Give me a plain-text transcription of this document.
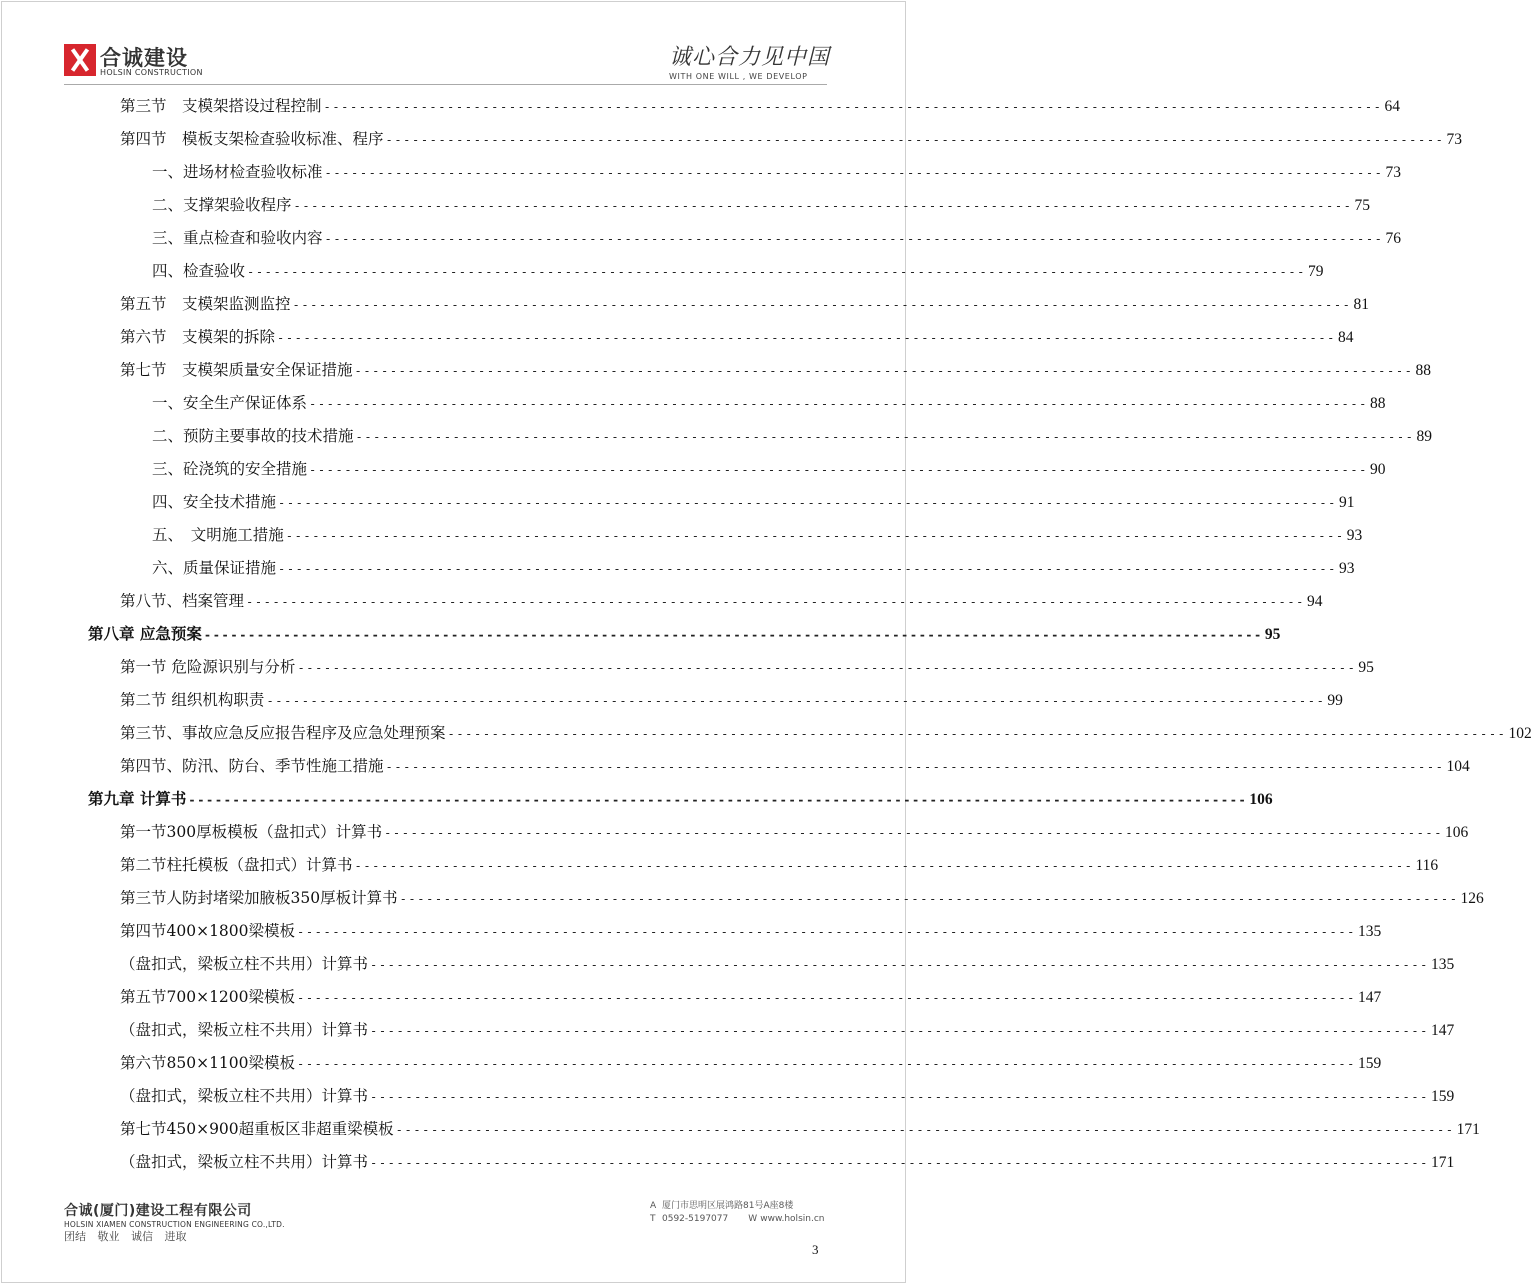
合诚建设
HOLSIN CONSTRUCTION
诚心合力见中国
WITH ONE WILL , WE DEVELOP
第三节　支模架搭设过程控制 ------------------------------------------------------------------------------------------------------------------------ 64
第四节　模板支架检查验收标准、程序 ------------------------------------------------------------------------------------------------------------------------ 73
一、进场材检查验收标准 ------------------------------------------------------------------------------------------------------------------------ 73
二、支撑架验收程序 ------------------------------------------------------------------------------------------------------------------------ 75
三、重点检查和验收内容 ------------------------------------------------------------------------------------------------------------------------ 76
四、检查验收 ------------------------------------------------------------------------------------------------------------------------ 79
第五节　支模架监测监控 ------------------------------------------------------------------------------------------------------------------------ 81
第六节　支模架的拆除 ------------------------------------------------------------------------------------------------------------------------ 84
第七节　支模架质量安全保证措施 ------------------------------------------------------------------------------------------------------------------------ 88
一、安全生产保证体系 ------------------------------------------------------------------------------------------------------------------------ 88
二、预防主要事故的技术措施 ------------------------------------------------------------------------------------------------------------------------ 89
三、砼浇筑的安全措施 ------------------------------------------------------------------------------------------------------------------------ 90
四、安全技术措施 ------------------------------------------------------------------------------------------------------------------------ 91
五、　文明施工措施 ------------------------------------------------------------------------------------------------------------------------ 93
六、质量保证措施 ------------------------------------------------------------------------------------------------------------------------ 93
第八节、档案管理 ------------------------------------------------------------------------------------------------------------------------ 94
第八章 应急预案 ------------------------------------------------------------------------------------------------------------------------ 95
第一节 危险源识别与分析 ------------------------------------------------------------------------------------------------------------------------ 95
第二节 组织机构职责 ------------------------------------------------------------------------------------------------------------------------ 99
第三节、事故应急反应报告程序及应急处理预案 ------------------------------------------------------------------------------------------------------------------------ 102
第四节、防汛、防台、季节性施工措施 ------------------------------------------------------------------------------------------------------------------------ 104
第九章 计算书 ------------------------------------------------------------------------------------------------------------------------ 106
第一节300厚板模板（盘扣式）计算书 ------------------------------------------------------------------------------------------------------------------------ 106
第二节柱托模板（盘扣式）计算书 ------------------------------------------------------------------------------------------------------------------------ 116
第三节人防封堵梁加腋板350厚板计算书 ------------------------------------------------------------------------------------------------------------------------ 126
第四节400×1800梁模板 ------------------------------------------------------------------------------------------------------------------------ 135
（盘扣式，梁板立柱不共用）计算书 ------------------------------------------------------------------------------------------------------------------------ 135
第五节700×1200梁模板 ------------------------------------------------------------------------------------------------------------------------ 147
（盘扣式，梁板立柱不共用）计算书 ------------------------------------------------------------------------------------------------------------------------ 147
第六节850×1100梁模板 ------------------------------------------------------------------------------------------------------------------------ 159
（盘扣式，梁板立柱不共用）计算书 ------------------------------------------------------------------------------------------------------------------------ 159
第七节450×900超重板区非超重梁模板 ------------------------------------------------------------------------------------------------------------------------ 171
（盘扣式，梁板立柱不共用）计算书 ------------------------------------------------------------------------------------------------------------------------ 171
合诚(厦门)建设工程有限公司
HOLSIN XIAMEN CONSTRUCTION ENGINEERING CO.,LTD.
团结 敬业 诚信 进取
A 厦门市思明区展鸿路81号A座8楼
T 0592-5197077 W www.holsin.cn
3
